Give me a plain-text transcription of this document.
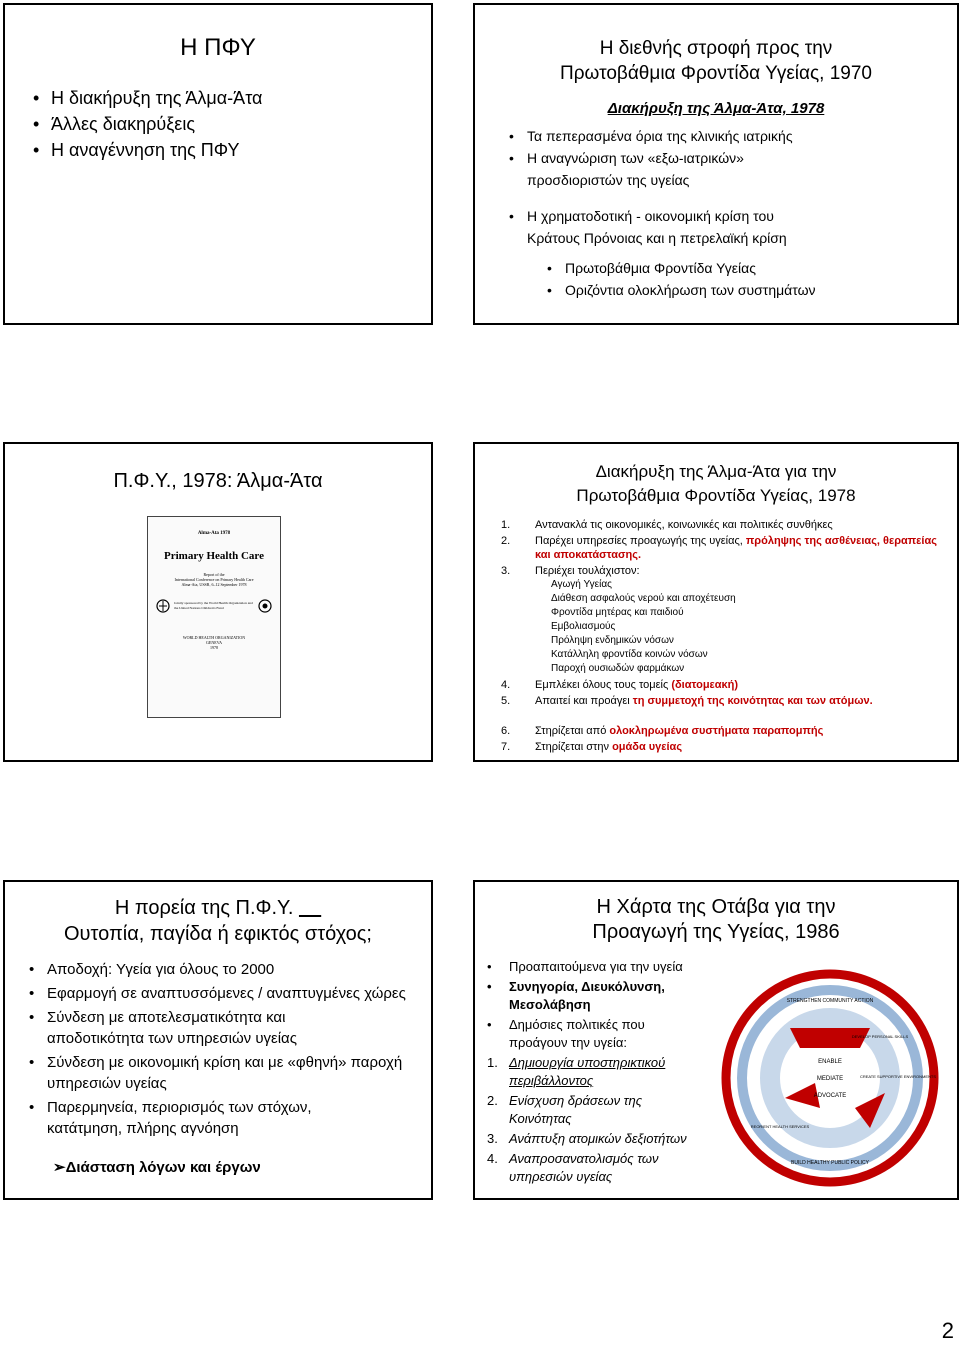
Η ΠΦΥ
• Η διακήρυξη της Άλμα-Άτα
• Άλλες διακηρύξεις
• Η αναγέννηση της ΠΦΥ
Η διεθνής στροφή προς την
Πρωτοβάθμια Φροντίδα Υγείας, 1970
Διακήρυξη της Άλμα-Άτα, 1978
• Τα πεπερασμένα όρια της κλινικής ιατρικής
• Η αναγνώριση των «εξω-ιατρικών» προσδιοριστών της υγείας
• Η χρηματοδοτική - οικονομική κρίση του Κράτους Πρόνοιας και η πετρελαϊκή κρίση
• Πρωτοβάθμια Φροντίδα Υγείας
• Οριζόντια ολοκλήρωση των συστημάτων
Π.Φ.Υ., 1978: Άλμα-Άτα
Alma-Ata 1978
Primary Health Care
Report of the
International Conference on Primary Health Care
Alma-Ata, USSR, 6–12 September 1978
Jointly sponsored by the World Health Organization and the United Nations Children's Fund
WORLD HEALTH ORGANIZATION
GENEVA
1978
Διακήρυξη της Άλμα-Άτα για την
Πρωτοβάθμια Φροντίδα Υγείας, 1978
1. Αντανακλά τις οικονομικές, κοινωνικές και πολιτικές συνθήκες
2. Παρέχει υπηρεσίες προαγωγής της υγείας, πρόληψης της ασθένειας, θεραπείας και αποκατάστασης.
3. Περιέχει τουλάχιστον:
Αγωγή Υγείας
Διάθεση ασφαλούς νερού και αποχέτευση
Φροντίδα μητέρας και παιδιού
Εμβολιασμούς
Πρόληψη ενδημικών νόσων
Κατάλληλη φροντίδα κοινών νόσων
Παροχή ουσιωδών φαρμάκων
4. Εμπλέκει όλους τους τομείς (διατομεακή)
5. Απαιτεί και προάγει τη συμμετοχή της κοινότητας και των ατόμων.
6. Στηρίζεται από ολοκληρωμένα συστήματα παραπομπής
7. Στηρίζεται στην ομάδα υγείας
Η πορεία της Π.Φ.Υ.
Ουτοπία, παγίδα ή εφικτός στόχος;
• Αποδοχή: Υγεία για όλους το 2000
• Εφαρμογή σε αναπτυσσόμενες / αναπτυγμένες χώρες
• Σύνδεση με αποτελεσματικότητα και αποδοτικότητα των υπηρεσιών υγείας
• Σύνδεση με οικονομική κρίση και με «φθηνή» παροχή υπηρεσιών υγείας
• Παρερμηνεία, περιορισμός των στόχων, κατάτμηση, πλήρης αγνόηση
➢Διάσταση λόγων και έργων
Η Χάρτα της Οτάβα για την
Προαγωγή της Υγείας, 1986
• Προαπαιτούμενα για την υγεία
• Συνηγορία, Διευκόλυνση, Μεσολάβηση
• Δημόσιες πολιτικές που προάγουν την υγεία:
1. Δημιουργία υποστηρικτικού περιβάλλοντος
2. Ενίσχυση δράσεων της Κοινότητας
3. Ανάπτυξη ατομικών δεξιοτήτων
4. Αναπροσανατολισμός των υπηρεσιών υγείας
STRENGTHEN COMMUNITY ACTION
ENABLE
MEDIATE
ADVOCATE
DEVELOP PERSONAL SKILLS
CREATE SUPPORTIVE ENVIRONMENTS
REORIENT HEALTH SERVICES
BUILD HEALTHY PUBLIC POLICY
2
